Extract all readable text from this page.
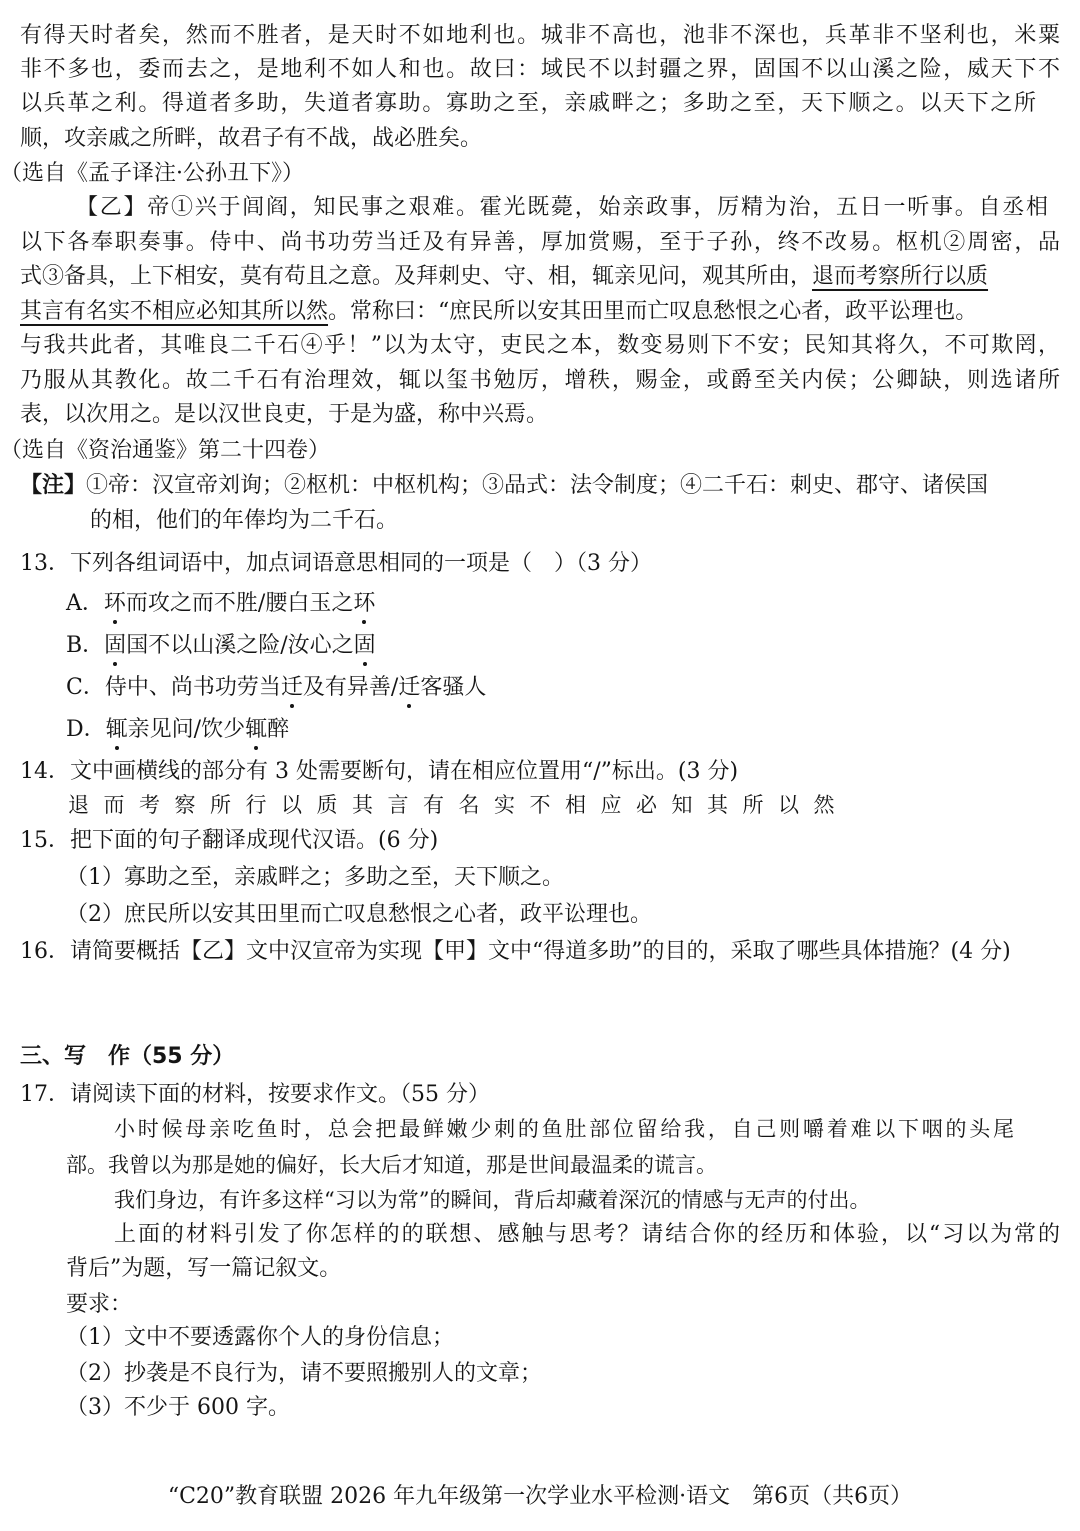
有得天时者矣，然而不胜者，是天时不如地利也。城非不高也，池非不深也，兵革非不坚利也，米粟
非不多也，委而去之，是地利不如人和也。故曰：域民不以封疆之界，固国不以山溪之险，威天下不
以兵革之利。得道者多助，失道者寡助。寡助之至，亲戚畔之；多助之至，天下顺之。以天下之所
顺，攻亲戚之所畔，故君子有不战，战必胜矣。
（选自《孟子译注·公孙丑下》）
【乙】帝①兴于闾阎，知民事之艰难。霍光既薨，始亲政事，厉精为治，五日一听事。自丞相
以下各奉职奏事。侍中、尚书功劳当迁及有异善，厚加赏赐，至于子孙，终不改易。枢机②周密，品
式③备具，上下相安，莫有苟且之意。及拜刺史、守、相，辄亲见问，观其所由，退而考察所行以质
其言有名实不相应必知其所以然。常称曰：“庶民所以安其田里而亡叹息愁恨之心者，政平讼理也。
与我共此者，其唯良二千石④乎！”以为太守，吏民之本，数变易则下不安；民知其将久，不可欺罔，
乃服从其教化。故二千石有治理效，辄以玺书勉厉，增秩，赐金，或爵至关内侯；公卿缺，则选诸所
表，以次用之。是以汉世良吏，于是为盛，称中兴焉。
（选自《资治通鉴》第二十四卷）
【注】①帝：汉宣帝刘询；②枢机：中枢机构；③品式：法令制度；④二千石：刺史、郡守、诸侯国
的相，他们的年俸均为二千石。
13．下列各组词语中，加点词语意思相同的一项是（　）（3 分）
A．环而攻之而不胜/腰白玉之环
B．固国不以山溪之险/汝心之固
C．侍中、尚书功劳当迁及有异善/迁客骚人
D．辄亲见问/饮少辄醉
14．文中画横线的部分有 3 处需要断句，请在相应位置用“/”标出。(3 分)
退而考察所行以质其言有名实不相应必知其所以然
15．把下面的句子翻译成现代汉语。(6 分)
（1）寡助之至，亲戚畔之；多助之至，天下顺之。
（2）庶民所以安其田里而亡叹息愁恨之心者，政平讼理也。
16．请简要概括【乙】文中汉宣帝为实现【甲】文中“得道多助”的目的，采取了哪些具体措施？(4 分)
三、写　作（55 分）
17．请阅读下面的材料，按要求作文。（55 分）
小时候母亲吃鱼时，总会把最鲜嫩少刺的鱼肚部位留给我，自己则嚼着难以下咽的头尾
部。我曾以为那是她的偏好，长大后才知道，那是世间最温柔的谎言。
我们身边，有许多这样“习以为常”的瞬间，背后却藏着深沉的情感与无声的付出。
上面的材料引发了你怎样的的联想、感触与思考？请结合你的经历和体验，以“习以为常的
背后”为题，写一篇记叙文。
要求：
（1）文中不要透露你个人的身份信息；
（2）抄袭是不良行为，请不要照搬别人的文章；
（3）不少于 600 字。
“C20”教育联盟 2026 年九年级第一次学业水平检测·语文　第6页（共6页）
